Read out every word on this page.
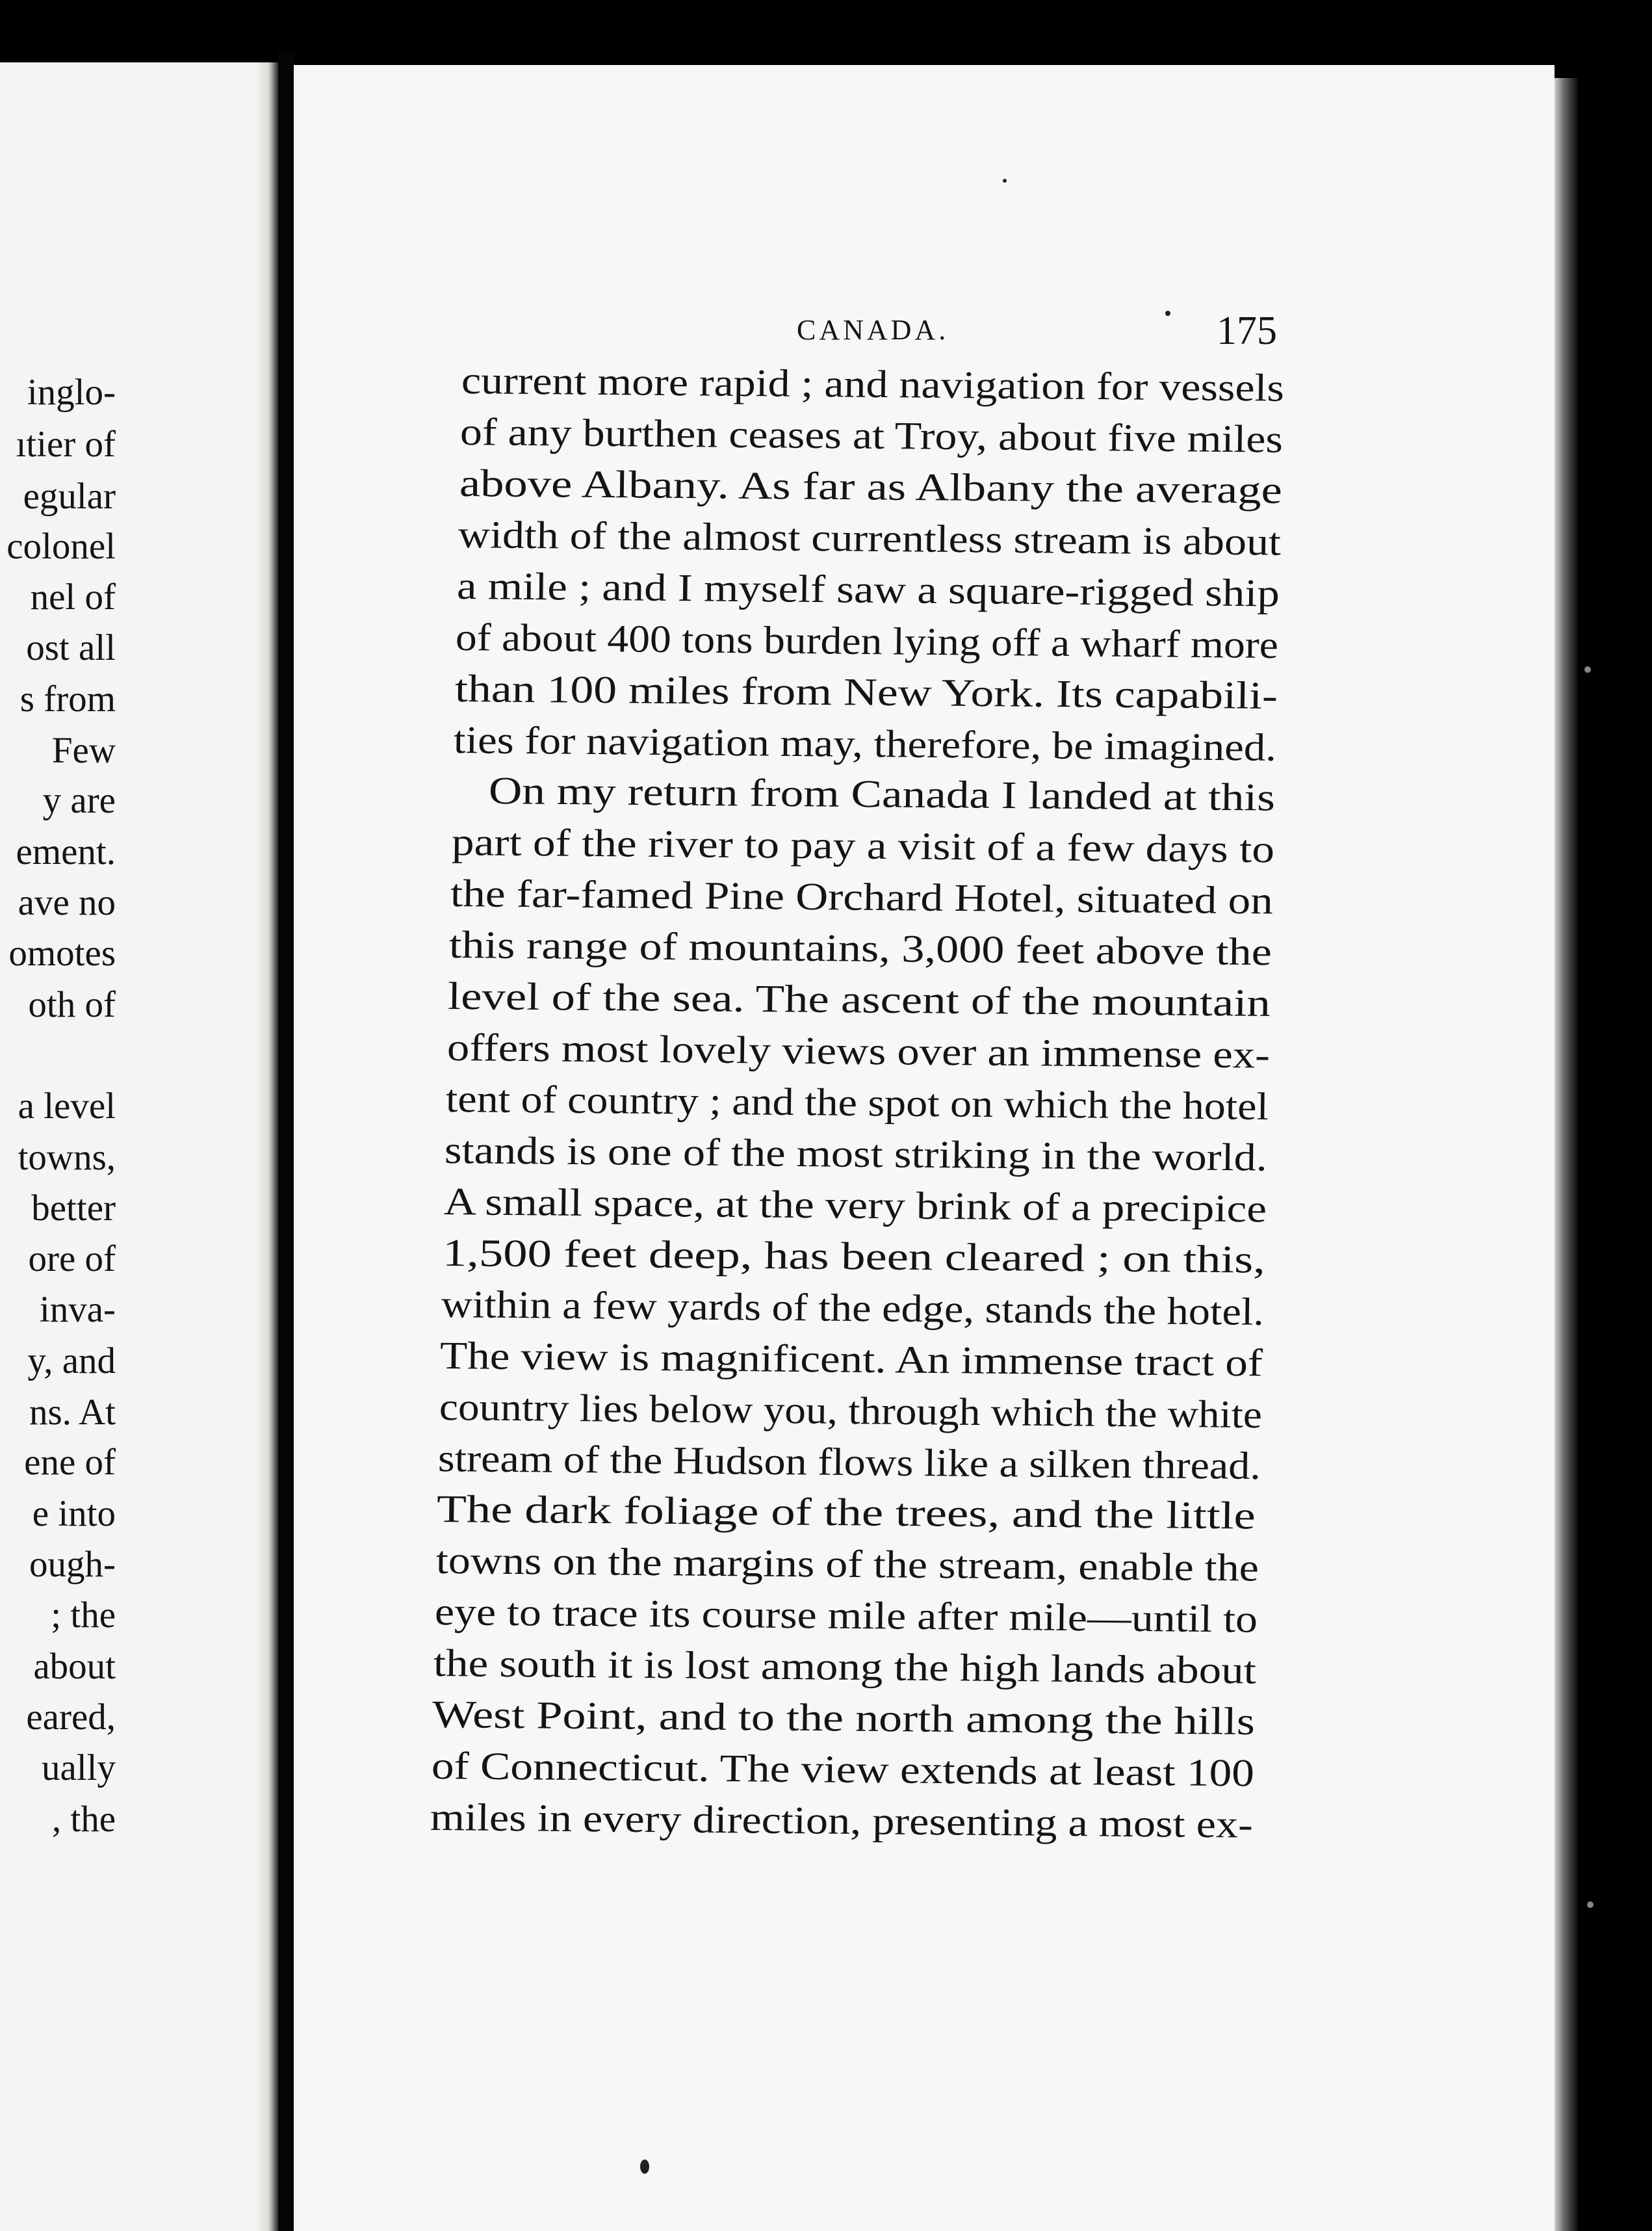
inglo-
ıtier of
egular
colonel
nel of
ost all
s from
Few
y are
ement.
ave no
omotes
oth of
a level
towns,
better
ore of
inva-
y, and
ns. At
ene of
e into
ough-
; the
about
eared,
ually
, the
CANADA.	175
current more rapid ; and navigation for vessels
of any burthen ceases at Troy, about five miles
above Albany. As far as Albany the average
width of the almost currentless stream is about
a mile ; and I myself saw a square-rigged ship
of about 400 tons burden lying off a wharf more
than 100 miles from New York. Its capabili-
ties for navigation may, therefore, be imagined.
On my return from Canada I landed at this
part of the river to pay a visit of a few days to
the far-famed Pine Orchard Hotel, situated on
this range of mountains, 3,000 feet above the
level of the sea. The ascent of the mountain
offers most lovely views over an immense ex-
tent of country ; and the spot on which the hotel
stands is one of the most striking in the world.
A small space, at the very brink of a precipice
1,500 feet deep, has been cleared ; on this,
within a few yards of the edge, stands the hotel.
The view is magnificent. An immense tract of
country lies below you, through which the white
stream of the Hudson flows like a silken thread.
The dark foliage of the trees, and the little
towns on the margins of the stream, enable the
eye to trace its course mile after mile—until to
the south it is lost among the high lands about
West Point, and to the north among the hills
of Connecticut. The view extends at least 100
miles in every direction, presenting a most ex-
